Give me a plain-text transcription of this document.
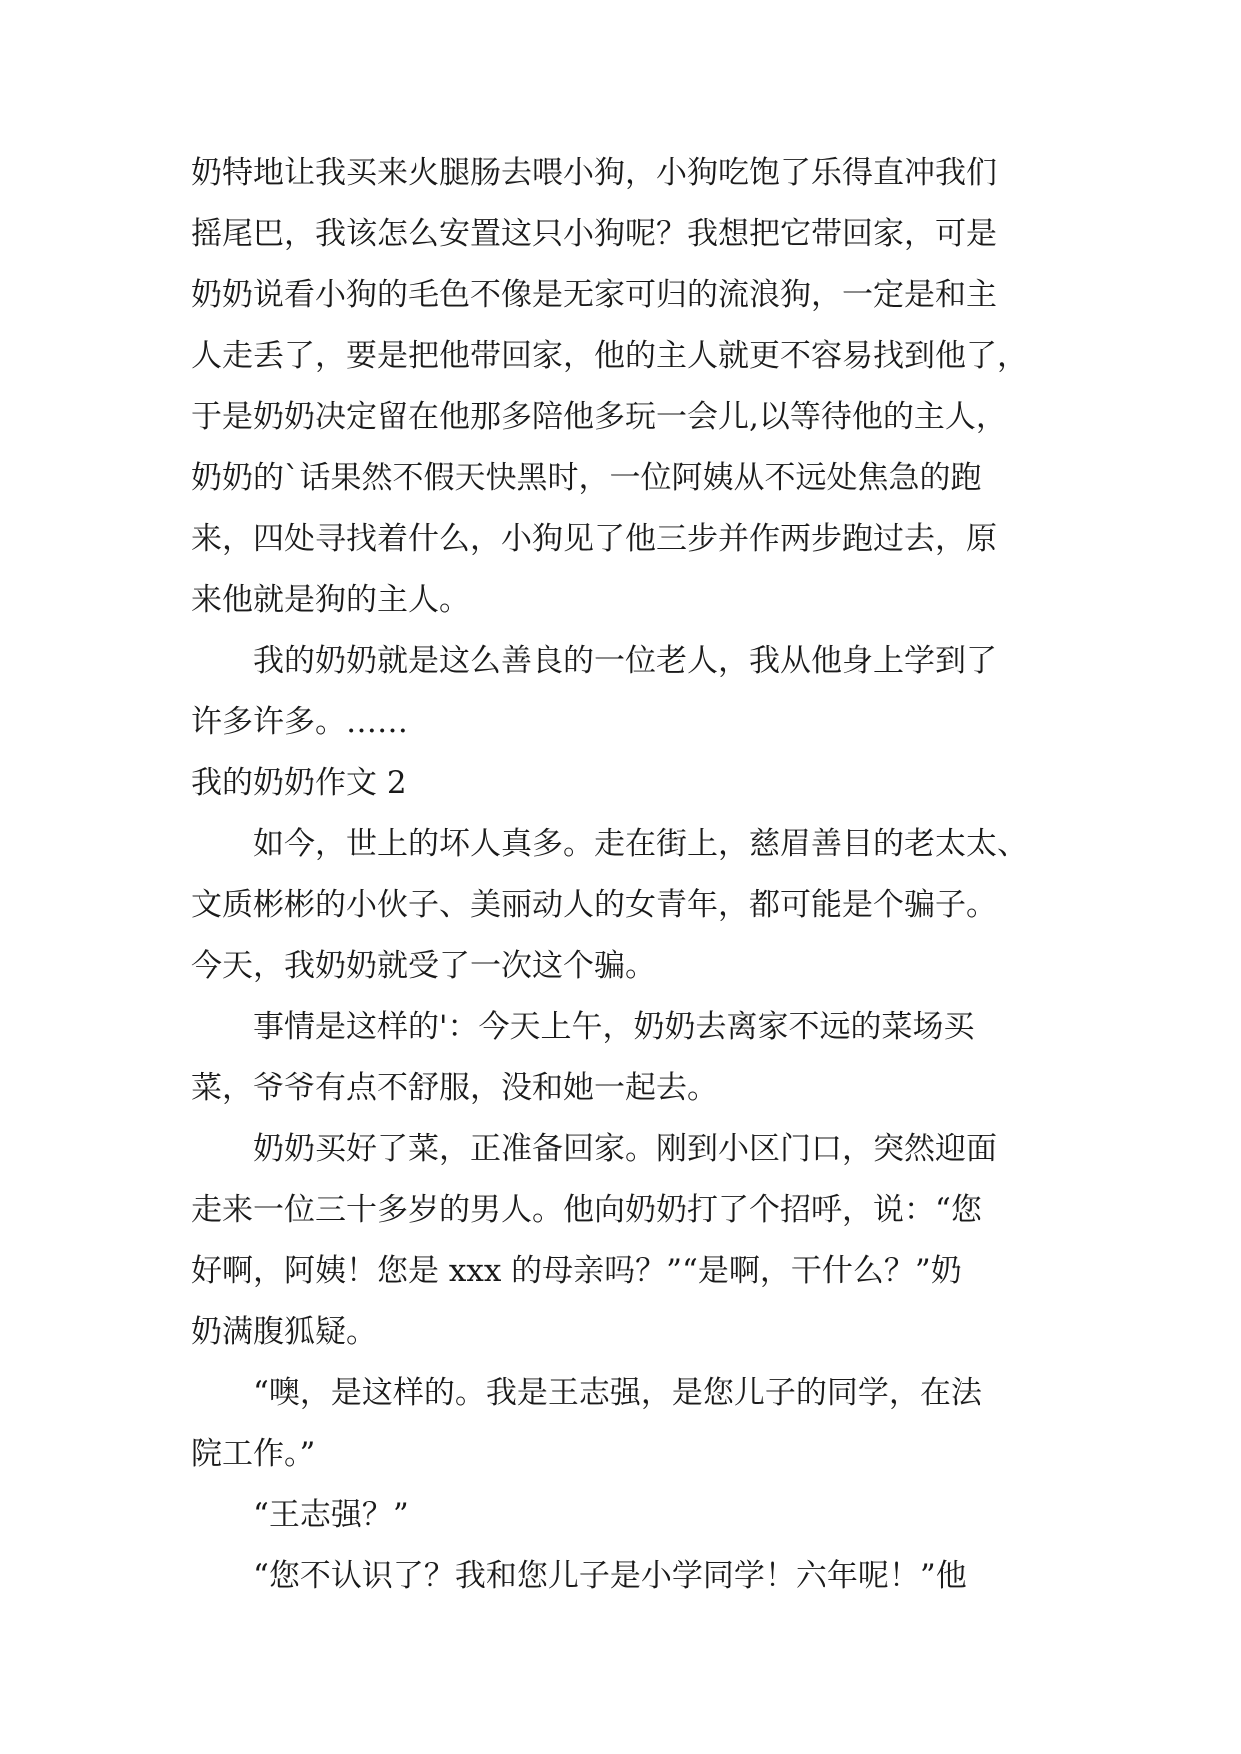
奶特地让我买来火腿肠去喂小狗，小狗吃饱了乐得直冲我们
摇尾巴，我该怎么安置这只小狗呢？我想把它带回家，可是
奶奶说看小狗的毛色不像是无家可归的流浪狗，一定是和主
人走丢了，要是把他带回家，他的主人就更不容易找到他了，
于是奶奶决定留在他那多陪他多玩一会儿,以等待他的主人，
奶奶的`话果然不假天快黑时，一位阿姨从不远处焦急的跑
来，四处寻找着什么，小狗见了他三步并作两步跑过去，原
来他就是狗的主人。
我的奶奶就是这么善良的一位老人，我从他身上学到了
许多许多。……
我的奶奶作文 2
如今，世上的坏人真多。走在街上，慈眉善目的老太太、
文质彬彬的小伙子、美丽动人的女青年，都可能是个骗子。
今天，我奶奶就受了一次这个骗。
事情是这样的'：今天上午，奶奶去离家不远的菜场买
菜，爷爷有点不舒服，没和她一起去。
奶奶买好了菜，正准备回家。刚到小区门口，突然迎面
走来一位三十多岁的男人。他向奶奶打了个招呼，说：“您
好啊，阿姨！您是 xxx 的母亲吗？”“是啊，干什么？”奶
奶满腹狐疑。
“噢，是这样的。我是王志强，是您儿子的同学，在法
院工作。”
“王志强？”
“您不认识了？我和您儿子是小学同学！六年呢！”他
